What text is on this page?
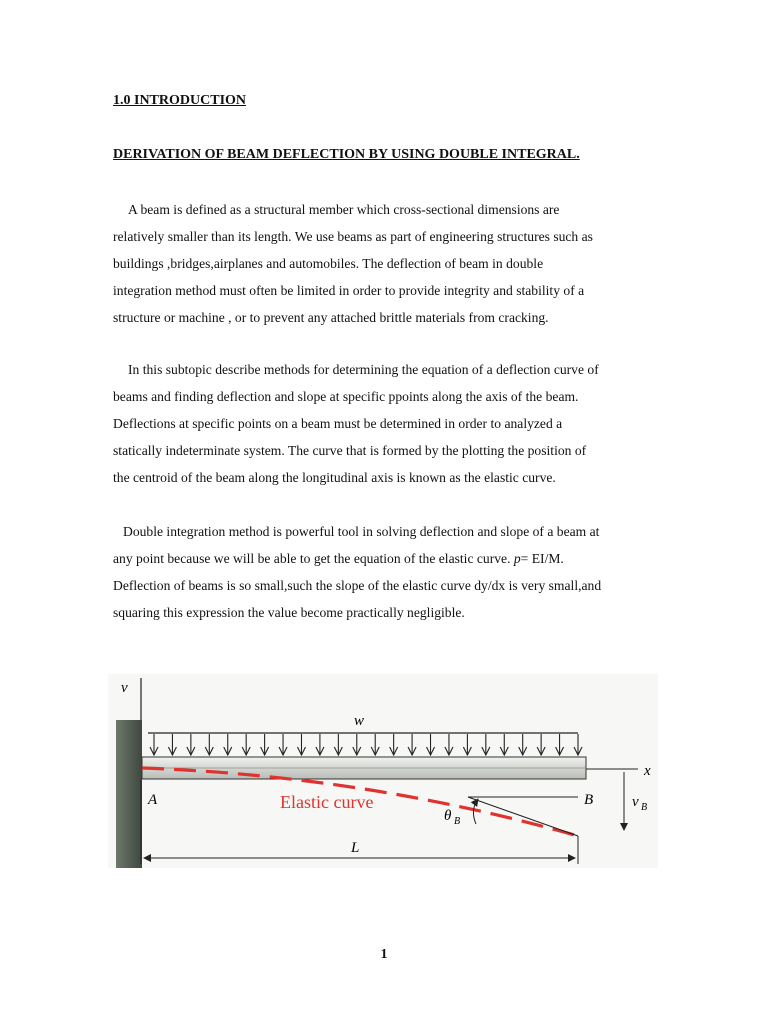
1.0 INTRODUCTION
DERIVATION OF BEAM DEFLECTION BY USING DOUBLE INTEGRAL.
A beam is defined as a structural member which cross-sectional dimensions are
relatively smaller than its length. We use beams as part of engineering structures such as
buildings ,bridges,airplanes and automobiles. The deflection of beam in double
integration method must often be limited in order to provide integrity and stability of a
structure or machine , or to prevent any attached brittle materials from cracking.
In this subtopic describe methods for determining the equation of a deflection curve of
beams and finding deflection and slope at specific ppoints along the axis of the beam.
Deflections at specific points on a beam must be determined in order to analyzed a
statically indeterminate system. The curve that is formed by the plotting the position of
the centroid of the beam along the longitudinal axis is known as the elastic curve.
Double integration method is powerful tool in solving deflection and slope of a beam at
any point because we will be able to get the equation of the elastic curve. p= EI/M.
Deflection of beams is so small,such the slope of the elastic curve dy/dx is very small,and
squaring this expression the value become practically negligible.
v
w
x
A	B
Elastic curve
θ B
v B
L
1
